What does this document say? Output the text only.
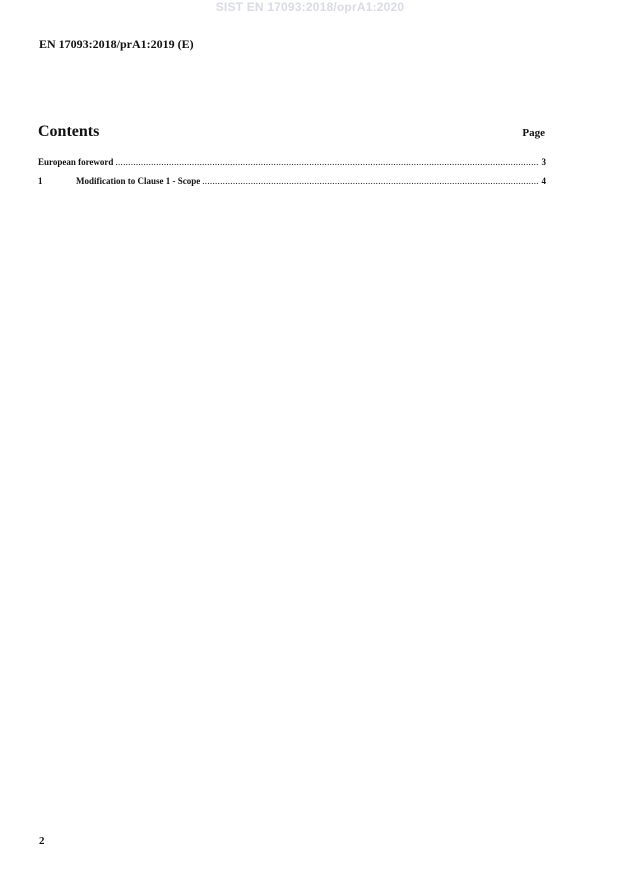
SIST EN 17093:2018/oprA1:2020
EN 17093:2018/prA1:2019 (E)
Contents	Page
European foreword .....	3
1	Modification to Clause 1 - Scope .....	4
2
